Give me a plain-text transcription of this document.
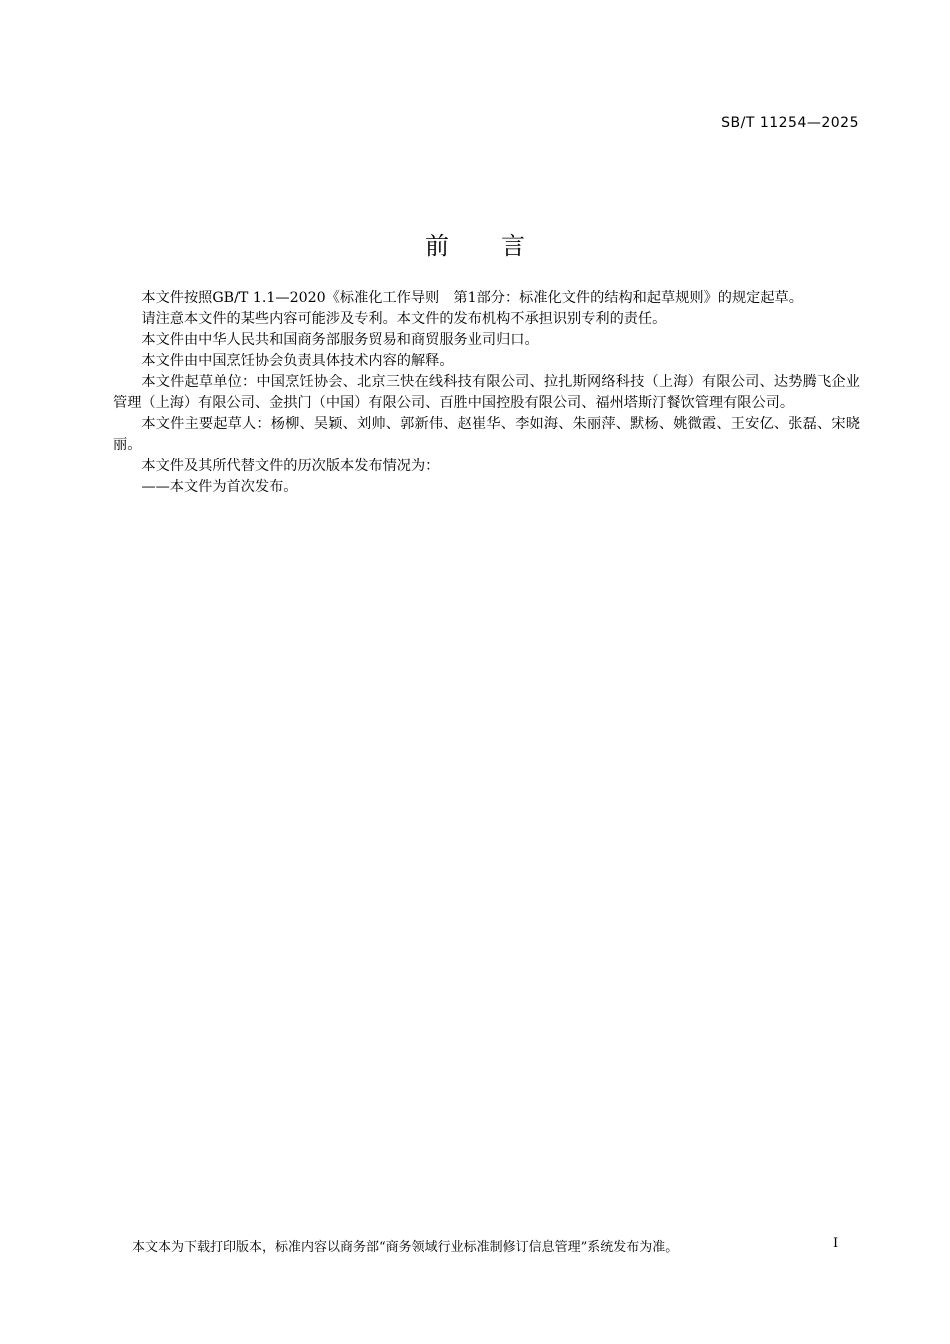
SB/T 11254—2025
前 言

本文件按照GB/T 1.1—2020《标准化工作导则　第1部分：标准化文件的结构和起草规则》的规定起草。

请注意本文件的某些内容可能涉及专利。本文件的发布机构不承担识别专利的责任。

本文件由中华人民共和国商务部服务贸易和商贸服务业司归口。

本文件由中国烹饪协会负责具体技术内容的解释。

本文件起草单位：中国烹饪协会、北京三快在线科技有限公司、拉扎斯网络科技（上海）有限公司、达势腾飞企业管理（上海）有限公司、金拱门（中国）有限公司、百胜中国控股有限公司、福州塔斯汀餐饮管理有限公司。

本文件主要起草人：杨柳、吴颖、刘帅、郭新伟、赵崔华、李如海、朱丽萍、默杨、姚微霞、王安亿、张磊、宋晓丽。

本文件及其所代替文件的历次版本发布情况为：

——本文件为首次发布。

本文本为下载打印版本，标准内容以商务部“商务领域行业标准制修订信息管理”系统发布为准。	I
